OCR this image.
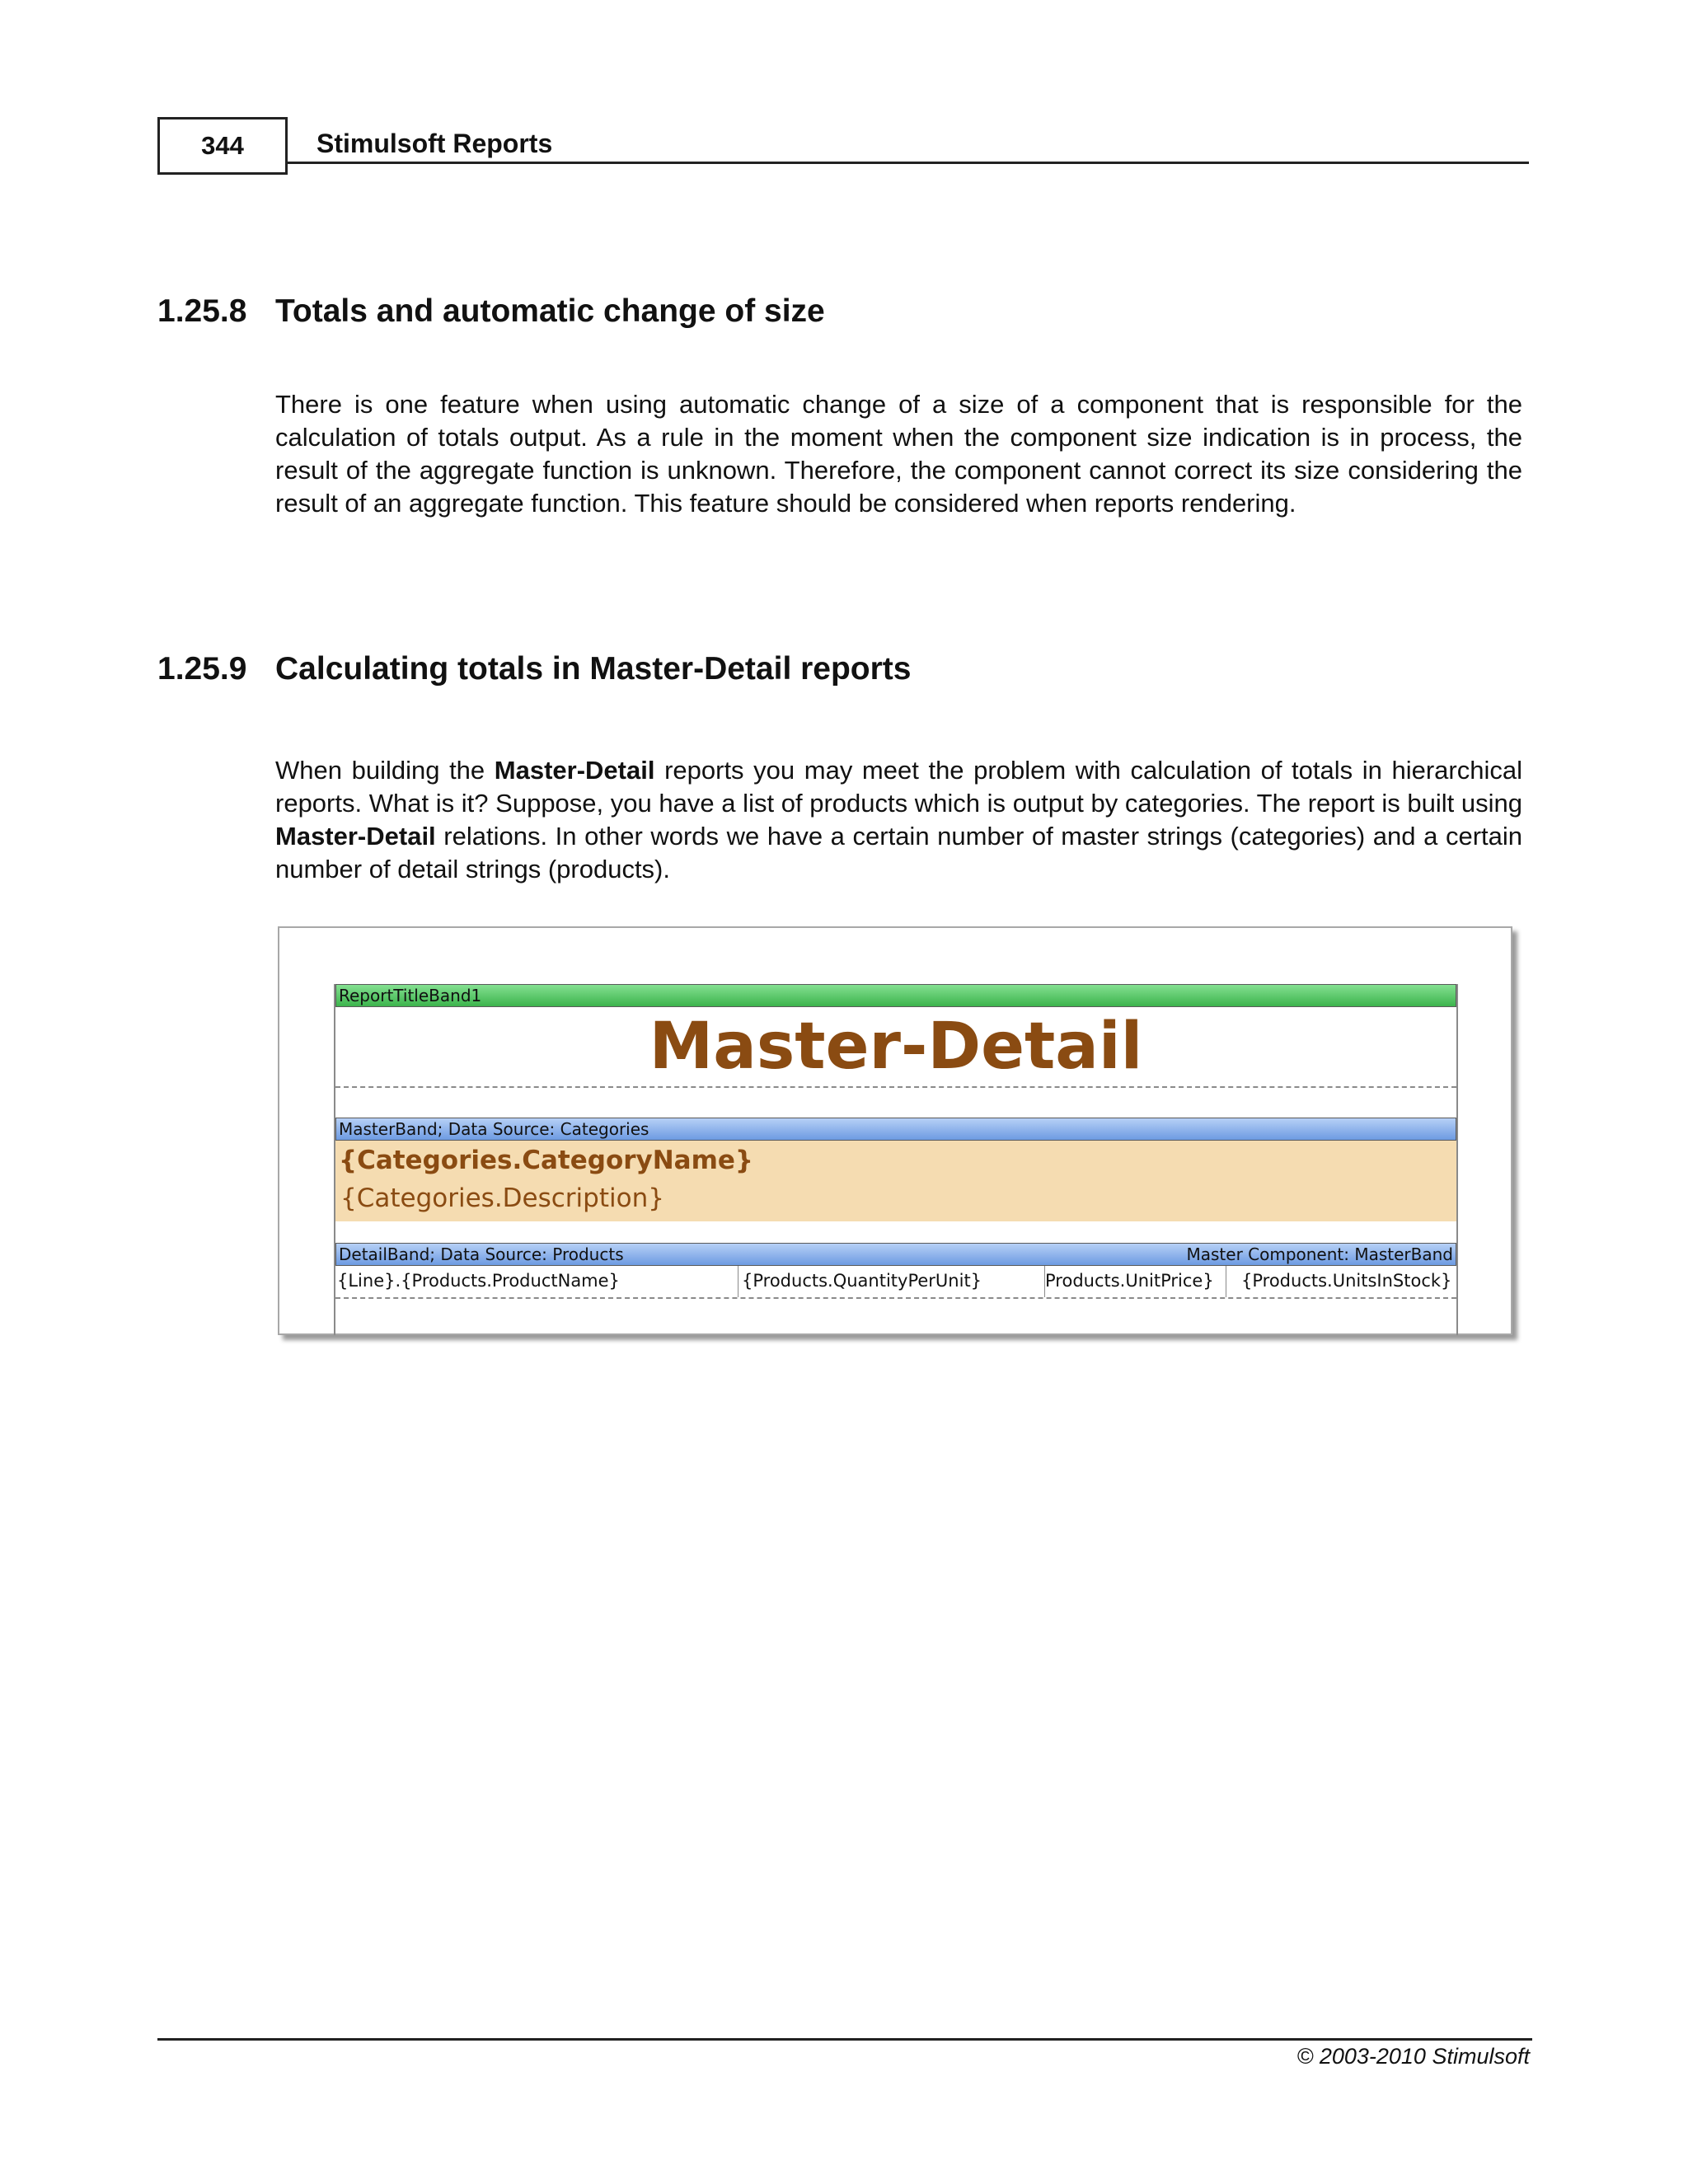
344	Stimulsoft Reports
1.25.8 Totals and automatic change of size
There is one feature when using automatic change of a size of a component that is responsible for the calculation of totals output. As a rule in the moment when the component size indication is in process, the result of the aggregate function is unknown. Therefore, the component cannot correct its size considering the result of an aggregate function. This feature should be considered when reports rendering.
1.25.9 Calculating totals in Master-Detail reports
When building the Master-Detail reports you may meet the problem with calculation of totals in hierarchical reports. What is it? Suppose, you have a list of products which is output by categories. The report is built using Master-Detail relations. In other words we have a certain number of master strings (categories) and a certain number of detail strings (products).
ReportTitleBand1
Master-Detail
MasterBand; Data Source: Categories
{Categories.CategoryName}
{Categories.Description}
DetailBand; Data Source: Products	Master Component: MasterBand
{Line}.{Products.ProductName}	{Products.QuantityPerUnit}	Products.UnitPrice}	{Products.UnitsInStock}
© 2003-2010 Stimulsoft
